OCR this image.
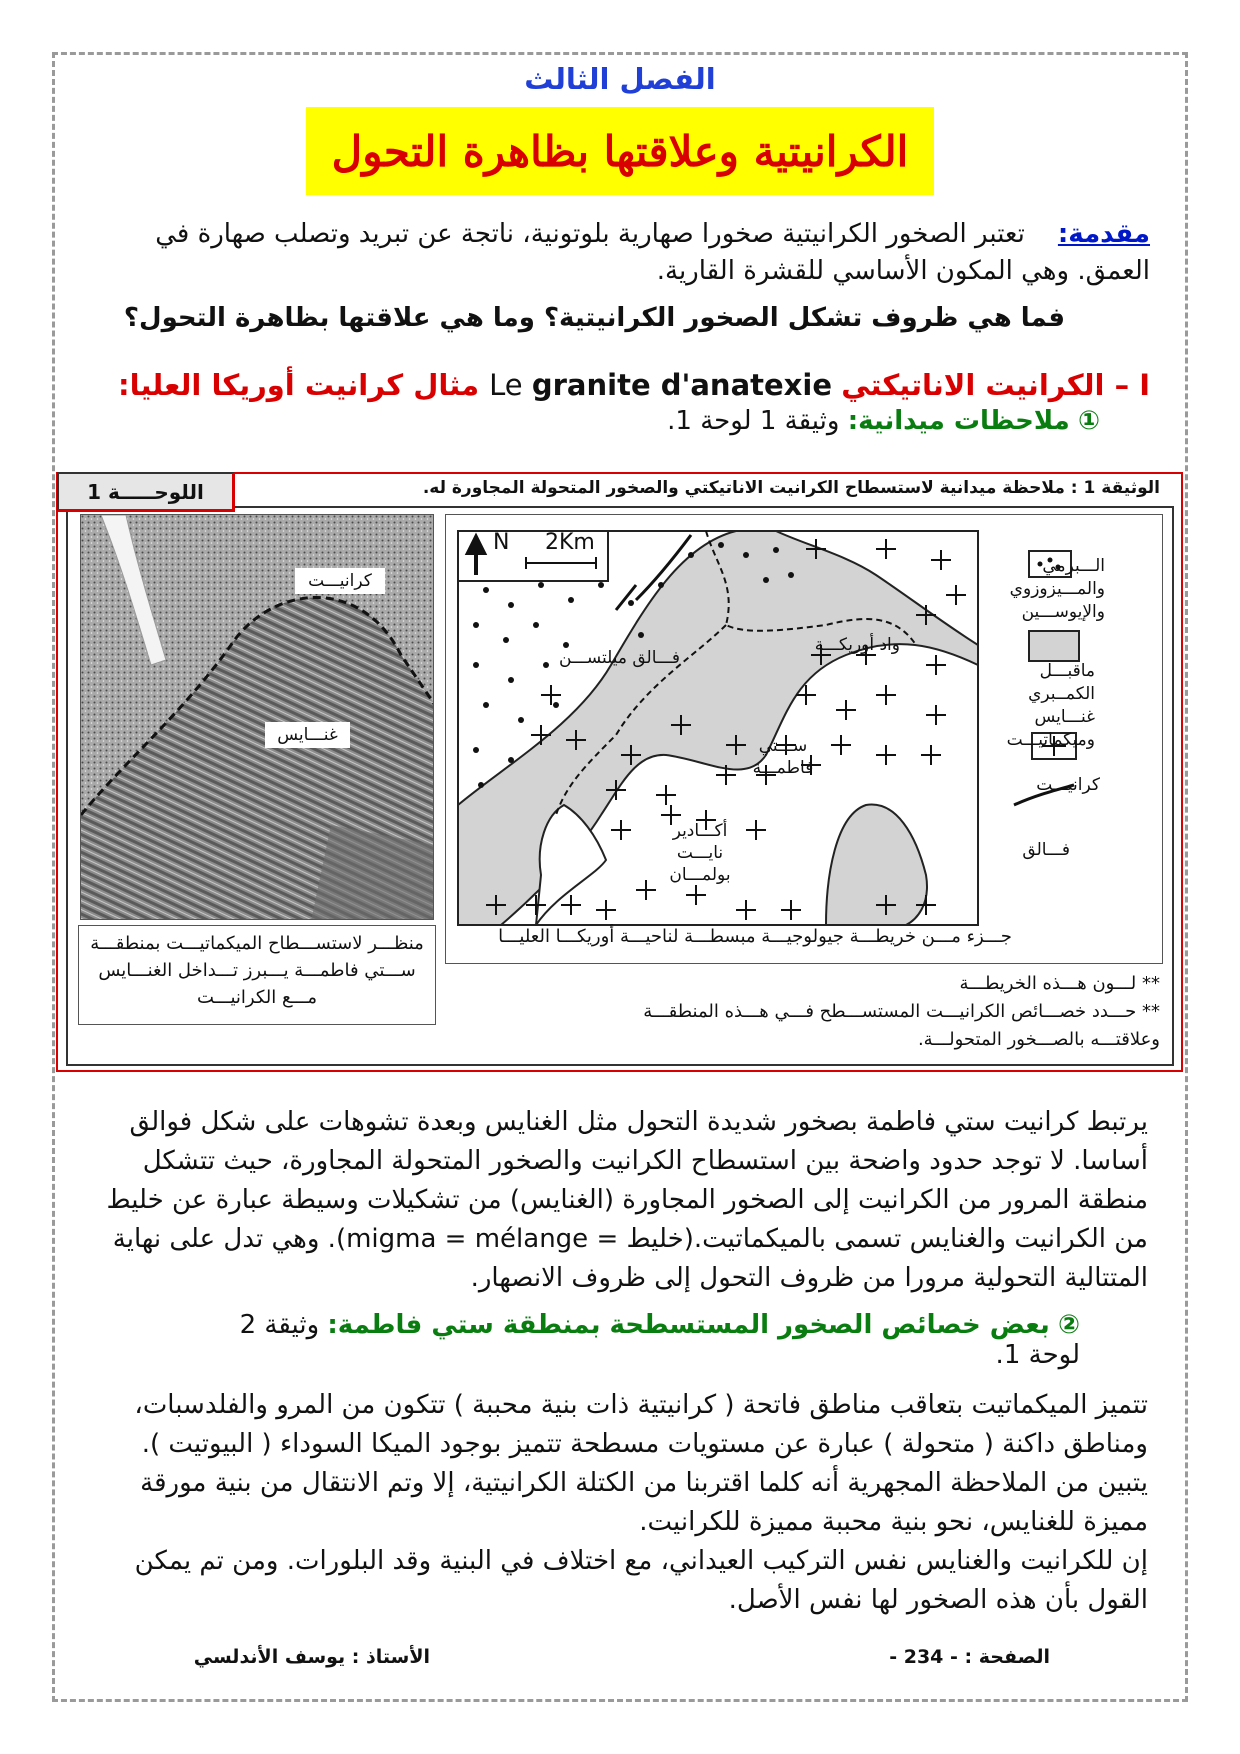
الفصل الثالث
الكرانيتية وعلاقتها بظاهرة التحول
مقدمة:    تعتبر الصخور الكرانيتية صخورا صهارية بلوتونية، ناتجة عن تبريد وتصلب صهارة في العمق. وهي المكون الأساسي للقشرة القارية.
فما هي ظروف تشكل الصخور الكرانيتية؟ وما هي علاقتها بظاهرة التحول؟
I – الكرانيت الاناتيكتي Le granite d'anatexie مثال كرانيت أوريكا العليا:
① ملاحظات ميدانية: وثيقة 1 لوحة 1.
اللوحـــــة 1	الوثيقة 1 : ملاحظة ميدانية لاستسطاح الكرانيت الاناتيكتي والصخور المتحولة المجاورة له.
كرانيـــت
غنـــايس
منظـــر لاستســـطاح الميكماتيـــت بمنطقـــة ســـتي فاطمـــة يـــبرز تـــداخل الغنـــايس مـــع الكرانيـــت
N 2Km
فـــالق ميلتســـن
واد أوريكـــة
ســـتي فاطمـــة
أكـــادير نايـــت بولمـــان
الـــبرمي والمـــيزوزوي والإيوســـين
ماقبـــل الكمــبري غنـــايس وميكماتيـــت
كرانيـــت
فـــالق
جـــزء مـــن خريطـــة جيولوجيـــة مبسطـــة لناحيـــة أوريكـــا العليـــا
** لـــون هـــذه الخريطـــة
** حـــدد خصـــائص الكرانيـــت المستســـطح فـــي هـــذه المنطقـــة وعلاقتـــه بالصـــخور المتحولـــة.
يرتبط كرانيت ستي فاطمة بصخور شديدة التحول مثل الغنايس وبعدة تشوهات على شكل فوالق أساسا. لا توجد حدود واضحة بين استسطاح الكرانيت والصخور المتحولة المجاورة، حيث تتشكل منطقة المرور من الكرانيت إلى الصخور المجاورة (الغنايس) من تشكيلات وسيطة عبارة عن خليط من الكرانيت والغنايس تسمى بالميكماتيت.(خليط = migma = mélange). وهي تدل على نهاية المتتالية التحولية مرورا من ظروف التحول إلى ظروف الانصهار.
② بعض خصائص الصخور المستسطحة بمنطقة ستي فاطمة: وثيقة 2 لوحة 1.
تتميز الميكماتيت بتعاقب مناطق فاتحة ( كرانيتية ذات بنية محببة ) تتكون من المرو والفلدسبات، ومناطق داكنة ( متحولة ) عبارة عن مستويات مسطحة تتميز بوجود الميكا السوداء ( البيوتيت ).
يتبين من الملاحظة المجهرية أنه كلما اقتربنا من الكتلة الكرانيتية، إلا وتم الانتقال من بنية مورقة مميزة للغنايس، نحو بنية محببة مميزة للكرانيت.
إن للكرانيت والغنايس نفس التركيب العيداني، مع اختلاف في البنية وقد البلورات. ومن تم يمكن القول بأن هذه الصخور لها نفس الأصل.
الصفحة : - 234 -
الأستاذ : يوسف الأندلسي
